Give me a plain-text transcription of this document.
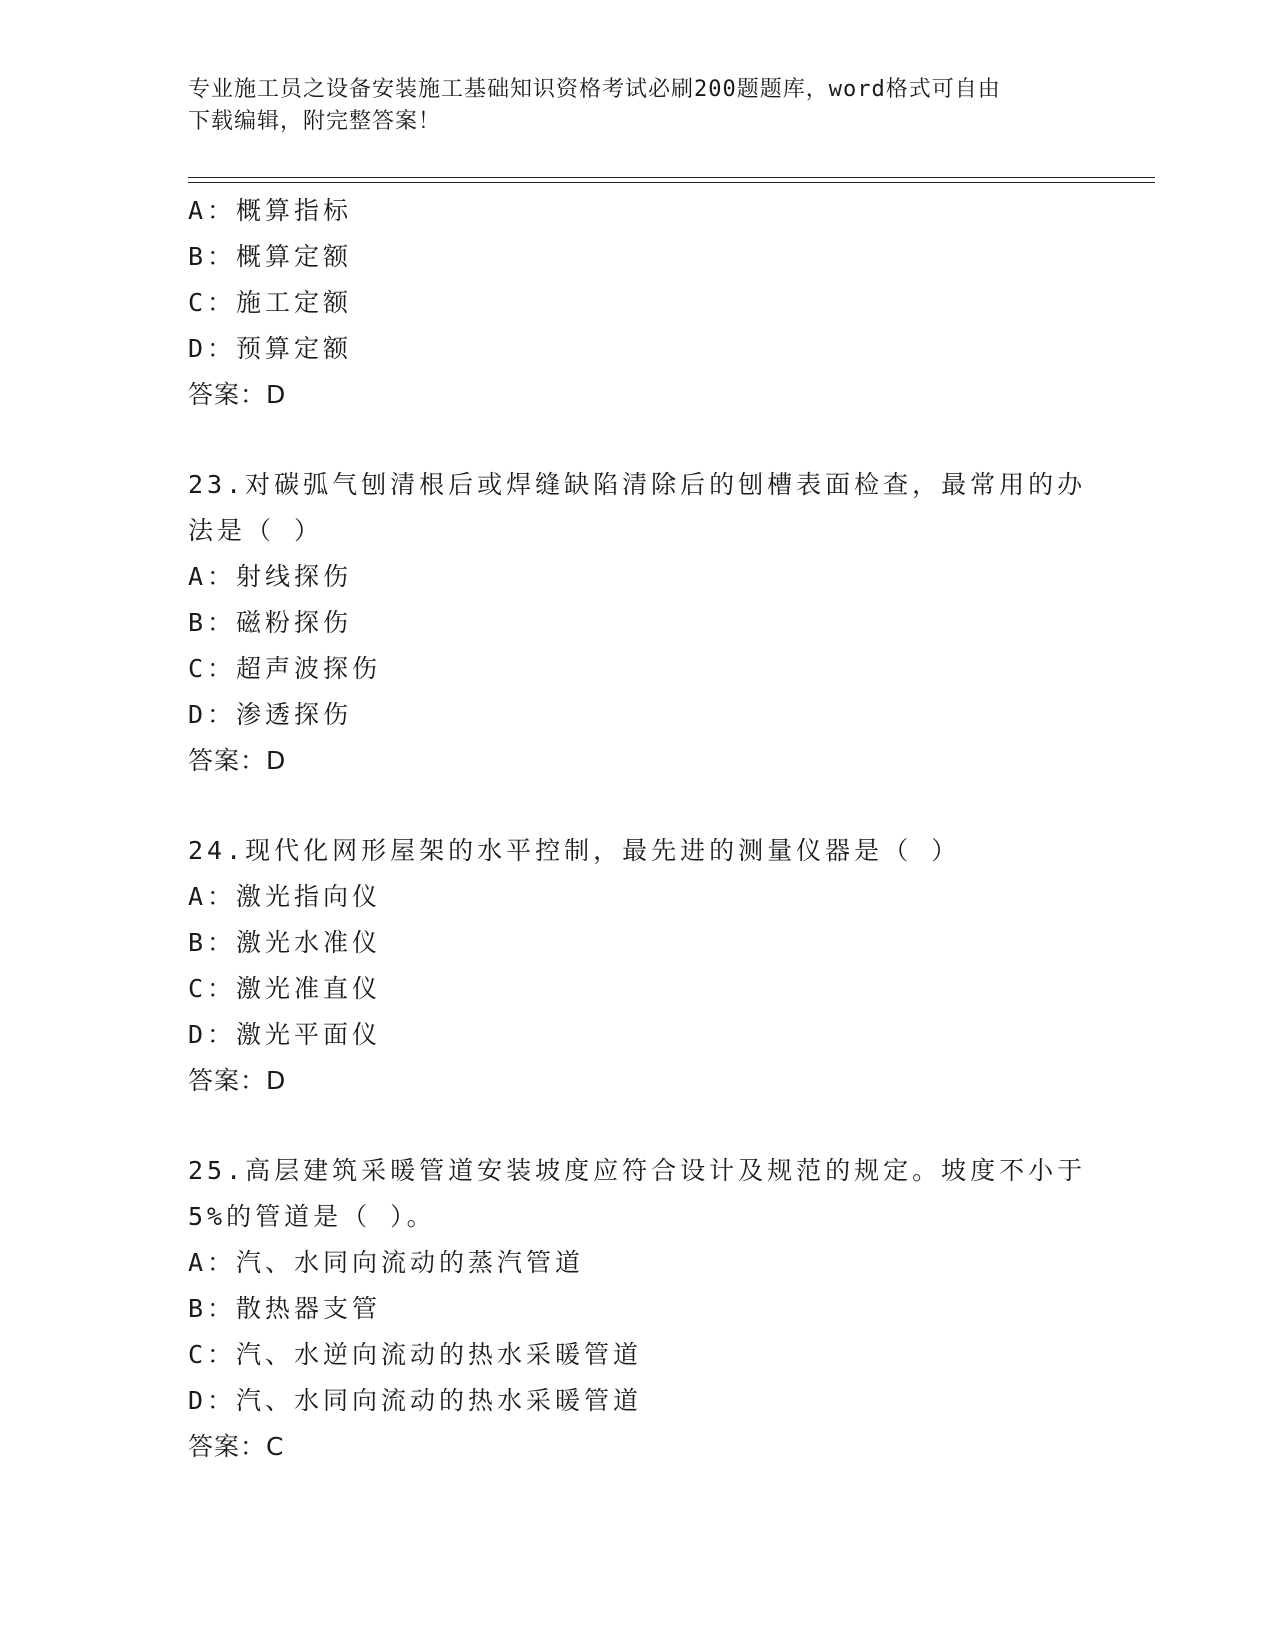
专业施工员之设备安装施工基础知识资格考试必刷200题题库，word格式可自由
下载编辑，附完整答案！
A：概算指标
B：概算定额
C：施工定额
D：预算定额
答案：D
23.对碳弧气刨清根后或焊缝缺陷清除后的刨槽表面检查，最常用的办
法是（ ）
A：射线探伤
B：磁粉探伤
C：超声波探伤
D：渗透探伤
答案：D
24.现代化网形屋架的水平控制，最先进的测量仪器是（ ）
A：激光指向仪
B：激光水准仪
C：激光准直仪
D：激光平面仪
答案：D
25.高层建筑采暖管道安装坡度应符合设计及规范的规定。坡度不小于
5%的管道是（ ）。
A：汽、水同向流动的蒸汽管道
B：散热器支管
C：汽、水逆向流动的热水采暖管道
D：汽、水同向流动的热水采暖管道
答案：C
